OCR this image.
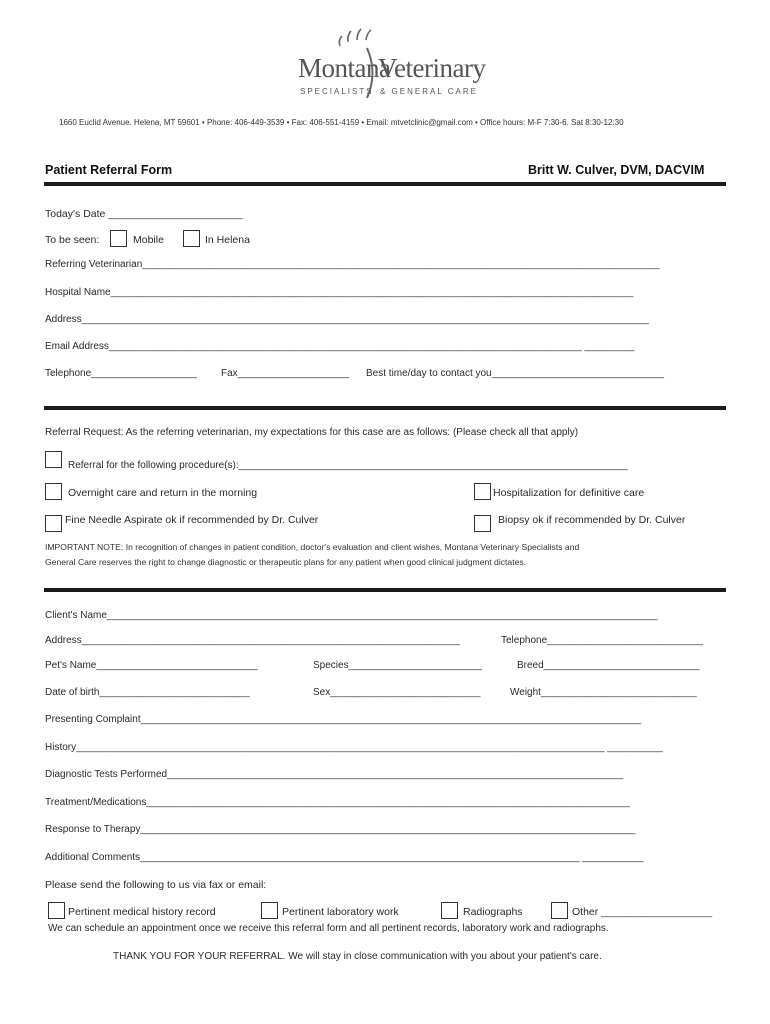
Montana
Veterinary
SPECIALISTS & GENERAL CARE
1660 Euclid Avenue. Helena, MT 59601 • Phone: 406-449-3539 • Fax: 406-551-4159 • Email: mtvetclinic@gmail.com • Office hours: M-F 7:30-6. Sat 8:30-12:30
Patient Referral Form	Britt W. Culver, DVM, DACVIM
Today's Date _______________________
To be seen:	Mobile	In Helena
Referring Veterinarian_____________________________________________________________________________________________
Hospital Name______________________________________________________________________________________________
Address______________________________________________________________________________________________________
Email Address_____________________________________________________________________________________ _________
Telephone___________________ Fax____________________ Best time/day to contact you_______________________________
Referral Request: As the referring veterinarian, my expectations for this case are as follows: (Please check all that apply)
Referral for the following procedure(s):______________________________________________________________________
Overnight care and return in the morning	Hospitalization for definitive care
Fine Needle Aspirate ok if recommended by Dr. Culver	Biopsy ok if recommended by Dr. Culver
IMPORTANT NOTE: In recognition of changes in patient condition, doctor's evaluation and client wishes, Montana Veterinary Specialists and
General Care reserves the right to change diagnostic or therapeutic plans for any patient when good clinical judgment dictates.
Client's Name___________________________________________________________________________________________________
Address____________________________________________________________________	Telephone____________________________
Pet's Name_____________________________	Species________________________	Breed____________________________
Date of birth___________________________	Sex___________________________	Weight____________________________
Presenting Complaint__________________________________________________________________________________________
History_______________________________________________________________________________________________ __________
Diagnostic Tests Performed__________________________________________________________________________________
Treatment/Medications_______________________________________________________________________________________
Response to Therapy_________________________________________________________________________________________
Additional Comments_______________________________________________________________________________ ___________
Please send the following to us via fax or email:
Pertinent medical history record	Pertinent laboratory work	Radiographs	Other ___________________
We can schedule an appointment once we receive this referral form and all pertinent records, laboratory work and radiographs.
THANK YOU FOR YOUR REFERRAL. We will stay in close communication with you about your patient's care.
